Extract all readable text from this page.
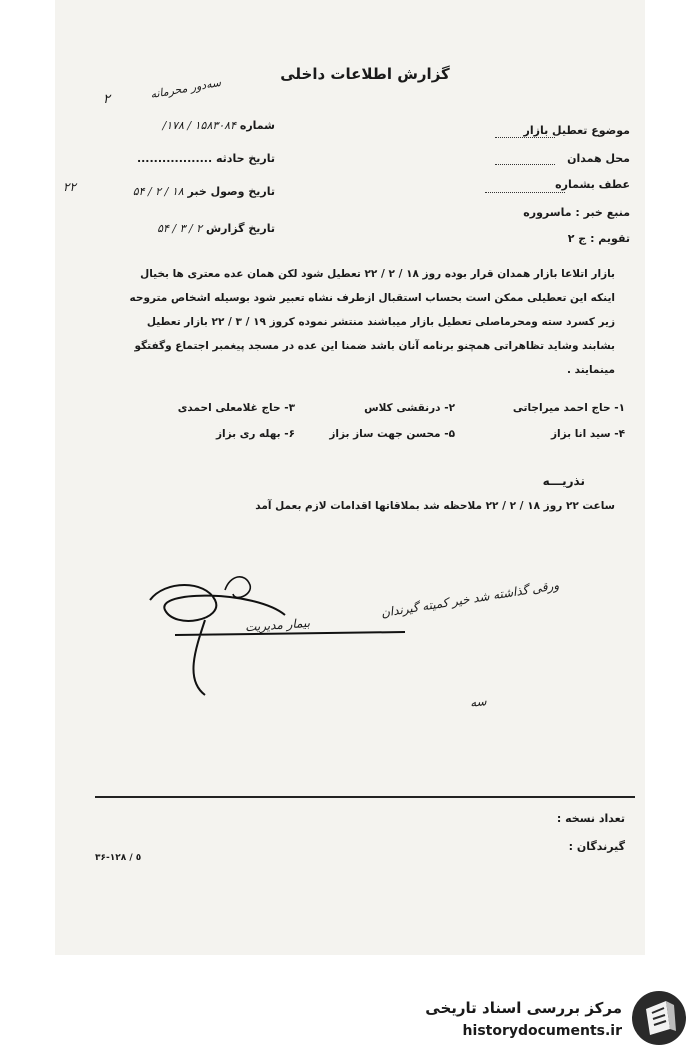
سه‌دور محرمانه
۲
گزارش اطلاعات داخلی
شماره ۱۵۸۳۰۸۴ / ۱۷۸/
تاریخ حادثه ..................
تاریخ وصول خبر ۱۸ / ۲ / ۵۴
۲۲
تاریخ گزارش ۲ / ۳ / ۵۴
موضوع تعطیل بازار
محل همدان
عطف بشماره
منبع خبر : ماسروره
تقویم : ج ۲
بازار اتلاعا بازار همدان قرار بوده روز ۱۸ / ۲ / ۲۲ تعطیل شود لکن همان عده معتری ها بخیال
اینکه این تعطیلی ممکن است بحساب استقبال ازطرف نشاه تعبیر شود بوسیله اشخاص متروحه
زیر کسرد سته ومحرماصلی تعطیل بازار میباشند منتشر نموده کروز ۱۹ / ۳ / ۲۲ بازار تعطیل
بشابند وشاید تظاهراتی همچنو برنامه آنان باشد ضمنا این عده در مسجد پیغمبر اجتماع وگفتگو
مینمایند .
۱- حاج احمد میراجاتی
۲- درنقشی کلاس
۳- حاج غلامعلی احمدی
۴- سید انا بزاز
۵- محسن جهت ساز بزاز
۶- بهله ری بزاز
نذریـــه
ساعت ۲۲ روز ۱۸ / ۲ / ۲۲ ملاحظه شد بملاقاتها اقدامات لازم بعمل آمد
ورقی گذاشته شد خیر کمیته گیرندان
بیمار مدیریت
سه
تعداد نسخه :
گیرندگان :
۳۶-۱۲۸ / ٥
مرکز بررسی اسناد تاریخی
historydocuments.ir
